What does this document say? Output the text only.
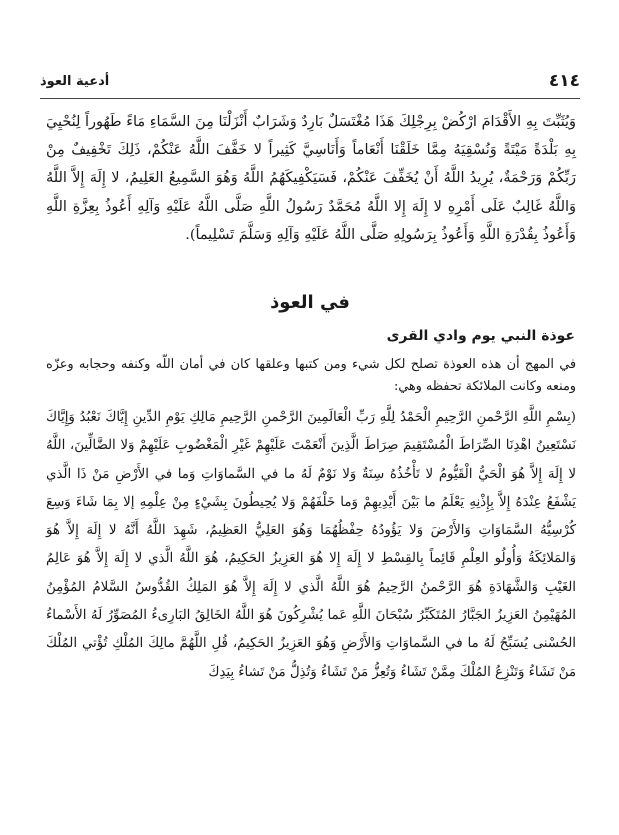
٤١٤
أدعية العوذ
وَيُثَبِّتَ بِهِ الأَقْدَامَ ارْكُضْ بِرِجْلِكَ هَذَا مُغْتَسَلٌ بَارِدٌ وَشَرَابٌ أَنْزَلْنَا مِنَ السَّمَاءِ مَاءً طَهُوراً لِنُحْيِيَ بِهِ بَلْدَةً مَيْتَةً وَنُسْقِيَهُ مِمَّا خَلَقْنَا أَنْعَاماً وَأَنَاسِيَّ كَثِيراً لا خَفَّفَ اللَّهُ عَنْكُمْ، ذَلِكَ تَخْفِيفٌ مِنْ رَبِّكُمْ وَرَحْمَةٌ، يُرِيدُ اللَّهُ أَنْ يُخَفِّفَ عَنْكُمْ، فَسَيَكْفِيكَهُمُ اللَّهُ وَهُوَ السَّمِيعُ العَلِيمُ، لا إِلَهَ إِلاَّ اللَّهُ وَاللَّهُ غَالِبٌ عَلَى أَمْرِهِ لا إِلَهَ إِلا اللَّهُ مُحَمَّدٌ رَسُولُ اللَّهِ صَلَّى اللَّهُ عَلَيْهِ وَآلِهِ أَعُوذُ بِعِزَّةِ اللَّهِ وَأَعُوذُ بِقُدْرَةِ اللَّهِ وَأَعُوذُ بِرَسُولِهِ صَلَّى اللَّهُ عَلَيْهِ وَآلِهِ وَسَلَّمَ تَسْلِيماً).
في العوذ
عوذة النبي يوم وادي القرى
في المهج أن هذه العوذة تصلح لكل شيء ومن كتبها وعلقها كان في أمان اللّه وكنفه وحجابه وعزّه ومنعه وكانت الملائكة تحفظه وهي:
(بِسْمِ اللَّهِ الرَّحْمنِ الرَّحِيمِ الْحَمْدُ لِلَّهِ رَبِّ الْعَالَمِينَ الرَّحْمنِ الرَّحِيمِ مَالِكِ يَوْمِ الدِّينِ إِيَّاكَ نَعْبُدُ وَإِيَّاكَ نَسْتَعِينُ اهْدِنَا الصِّرَاطَ الْمُسْتَقِيمَ صِرَاطَ الَّذِينَ أَنْعَمْتَ عَلَيْهِمْ غَيْرِ الْمَغْضُوبِ عَلَيْهِمْ وَلا الضَّالِّينَ، اللَّهُ لا إِلَهَ إِلاَّ هُوَ الْحَيُّ الْقَيُّومُ لا تَأْخُذُهُ سِنَةٌ وَلا نَوْمٌ لَهُ ما في السَّماوَاتِ وَما في الأَرْضِ مَنْ ذَا الَّذي يَشْفَعُ عِنْدَهُ إِلاَّ بِإِذْنِهِ يَعْلَمُ ما بَيْنَ أَيْدِيهِمْ وَما خَلْفَهُمْ وَلا يُحِيطُونَ بِشَيْءٍ مِنْ عِلْمِهِ إلا بِمَا شَاءَ وَسِعَ كُرْسِيُّهُ السَّمَاوَاتِ وَالأَرْضَ وَلا يَؤُودُهُ حِفْظُهُمَا وَهُوَ العَلِيُّ العَظِيمُ، شَهِدَ اللَّهُ أَنَّهُ لا إِلَهَ إِلاَّ هُوَ وَالمَلائِكَةُ وَأُولُو العِلْمِ قَائِماً بِالقِسْطِ لا إِلَهَ إِلا هُوَ العَزِيزُ الحَكِيمُ، هُوَ اللَّهُ الَّذي لا إِلَهَ إِلاَّ هُوَ عَالِمُ الغَيْبِ وَالشَّهَادَةِ هُوَ الرَّحْمنُ الرَّحِيمُ هُوَ اللَّهُ الَّذي لا إِلَهَ إِلاَّ هُوَ المَلِكُ القُدُّوسُ السَّلامُ المُؤْمِنُ المُهَيْمِنُ العَزِيزُ الجَبَّارُ المُتَكَبِّرُ سُبْحَانَ اللَّهِ عَما يُشْرِكُونَ هُوَ اللَّهُ الخَالِقُ البَارِىءُ المُصَوِّرُ لَهُ الأَسْماءُ الحُسْنى يُسَبِّحُ لَهُ ما في السَّماوَاتِ وَالأَرْضِ وَهُوَ العَزِيزُ الحَكِيمُ، قُلِ اللَّهُمَّ مالِكَ المُلْكِ تُؤْتي المُلْكَ مَنْ تَشَاءُ وَتَنْزِعُ المُلْكَ مِمَّنْ تَشَاءُ وَتُعِزُّ مَنْ تَشَاءُ وَتُذِلُّ مَنْ تَشاءُ بِيَدِكَ
